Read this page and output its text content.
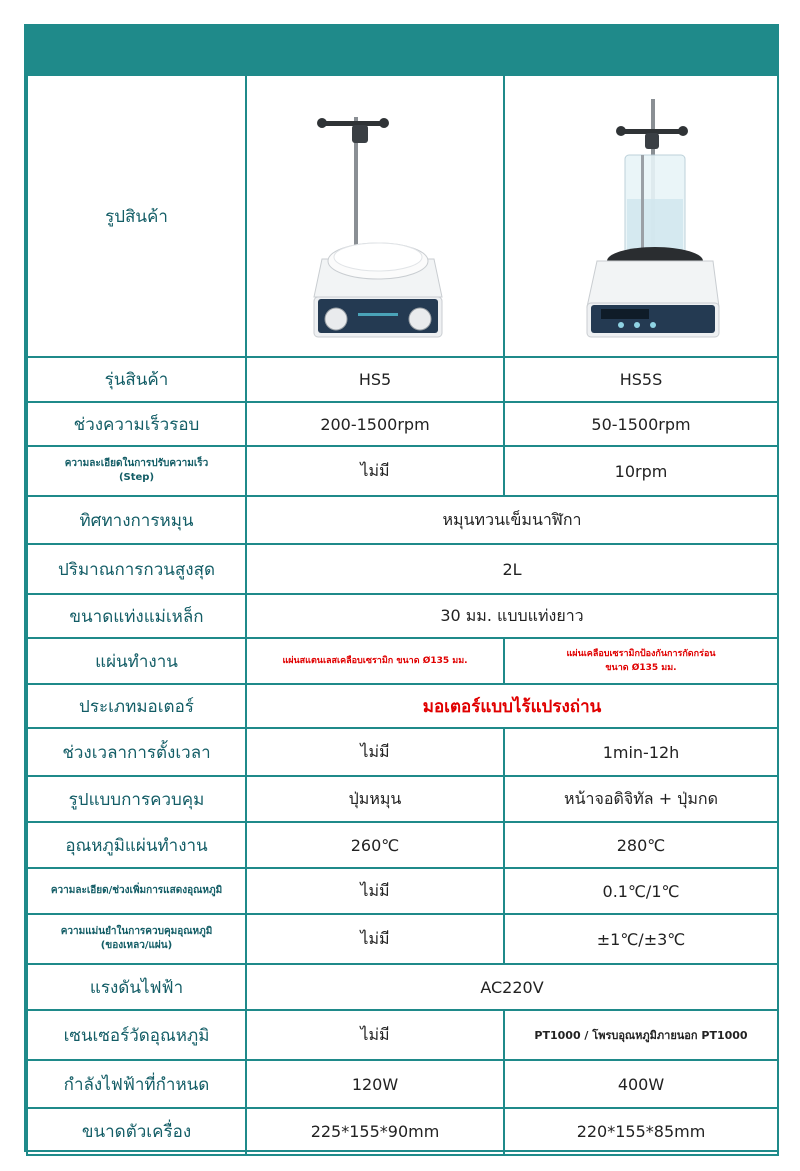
รูปสินค้า	

รุ่นสินค้า	HS5	HS5S
ช่วงความเร็วรอบ	200-1500rpm	50-1500rpm

ความละเอียดในการปรับความเร็ว
(Step)	ไม่มี	10rpm
ทิศทางการหมุน	หมุนทวนเข็มนาฬิกา	
ปริมาณการกวนสูงสุด	2L	
ขนาดแท่งแม่เหล็ก	30 มม. แบบแท่งยาว	
แผ่นทำงาน	แผ่นสแตนเลสเคลือบเซรามิก ขนาด Ø135 มม.	แผ่นเคลือบเซรามิกป้องกันการกัดกร่อน
ขนาด Ø135 มม.

ประเภทมอเตอร์	มอเตอร์แบบไร้แปรงถ่าน	
ช่วงเวลาการตั้งเวลา	ไม่มี	1min-12h
รูปแบบการควบคุม	ปุ่มหมุน	หน้าจอดิจิทัล + ปุ่มกด
อุณหภูมิแผ่นทำงาน	260℃	280℃
ความละเอียด/ช่วงเพิ่มการแสดงอุณหภูมิ	ไม่มี	0.1℃/1℃

ความแม่นยำในการควบคุมอุณหภูมิ
(ของเหลว/แผ่น)	ไม่มี	±1℃/±3℃
แรงดันไฟฟ้า	AC220V	
เซนเซอร์วัดอุณหภูมิ	ไม่มี	PT1000 / โพรบอุณหภูมิภายนอก PT1000
กำลังไฟฟ้าที่กำหนด	120W	400W
ขนาดตัวเครื่อง	225*155*90mm	220*155*85mm
